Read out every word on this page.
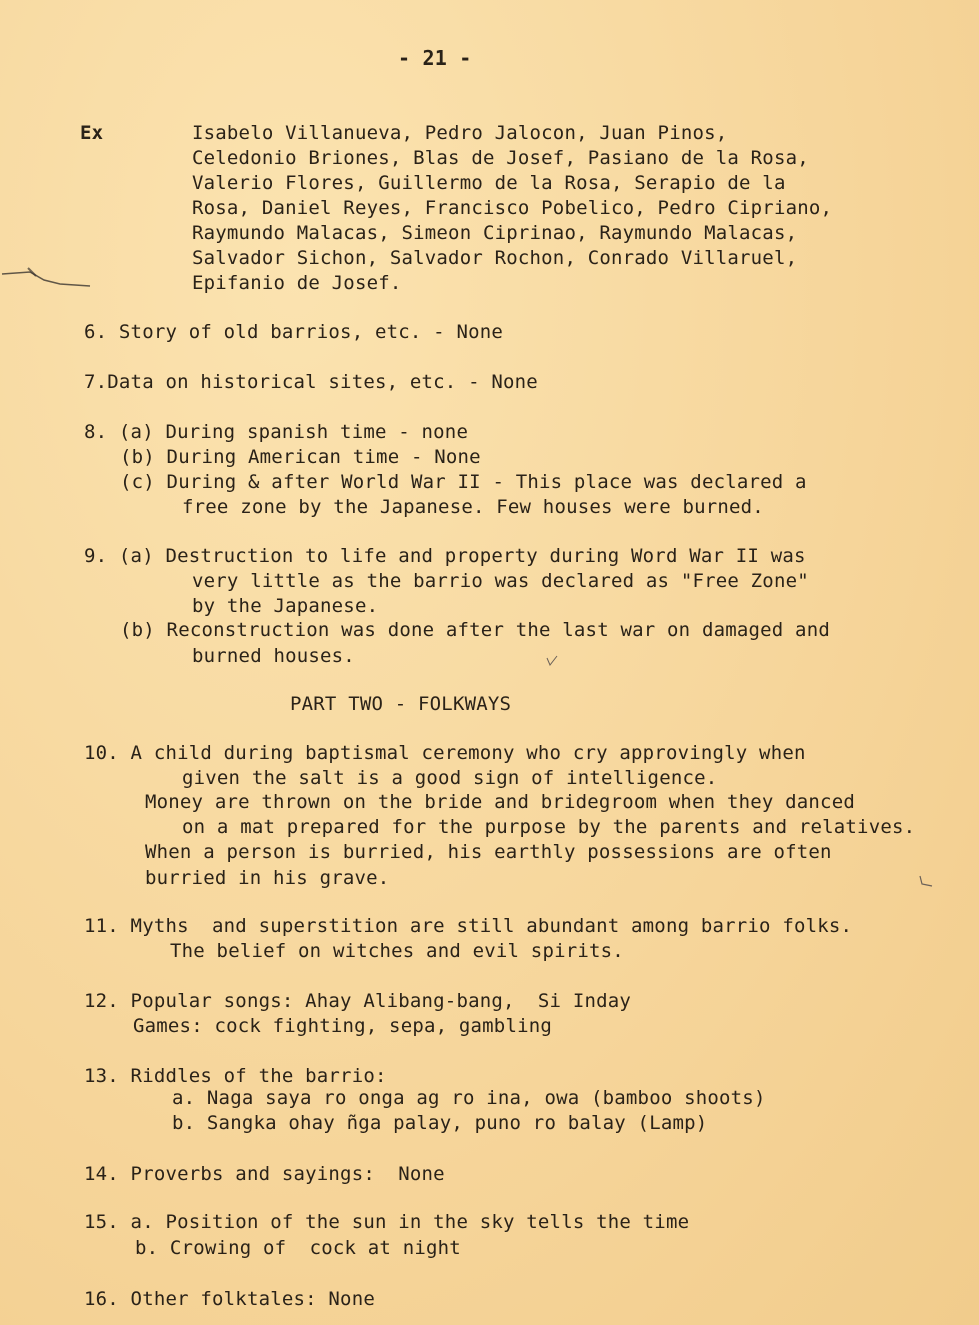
- 21 -
Ex	Isabelo Villanueva, Pedro Jalocon, Juan Pinos,
Celedonio Briones, Blas de Josef, Pasiano de la Rosa,
Valerio Flores, Guillermo de la Rosa, Serapio de la
Rosa, Daniel Reyes, Francisco Pobelico, Pedro Cipriano,
Raymundo Malacas, Simeon Ciprinao, Raymundo Malacas,
Salvador Sichon, Salvador Rochon, Conrado Villaruel,
Epifanio de Josef.
6. Story of old barrios, etc. - None
7.Data on historical sites, etc. - None
8. (a) During spanish time - none
(b) During American time - None
(c) During & after World War II - This place was declared a
free zone by the Japanese. Few houses were burned.
9. (a) Destruction to life and property during Word War II was
very little as the barrio was declared as "Free Zone"
by the Japanese.
(b) Reconstruction was done after the last war on damaged and
burned houses.
PART TWO - FOLKWAYS
10. A child during baptismal ceremony who cry approvingly when
given the salt is a good sign of intelligence.
Money are thrown on the bride and bridegroom when they danced
on a mat prepared for the purpose by the parents and relatives.
When a person is burried, his earthly possessions are often
burried in his grave.
11. Myths  and superstition are still abundant among barrio folks.
The belief on witches and evil spirits.
12. Popular songs: Ahay Alibang-bang,  Si Inday
Games: cock fighting, sepa, gambling
13. Riddles of the barrio:
a. Naga saya ro onga ag ro ina, owa (bamboo shoots)
b. Sangka ohay ñga palay, puno ro balay (Lamp)
14. Proverbs and sayings:  None
15. a. Position of the sun in the sky tells the time
b. Crowing of  cock at night
16. Other folktales: None
